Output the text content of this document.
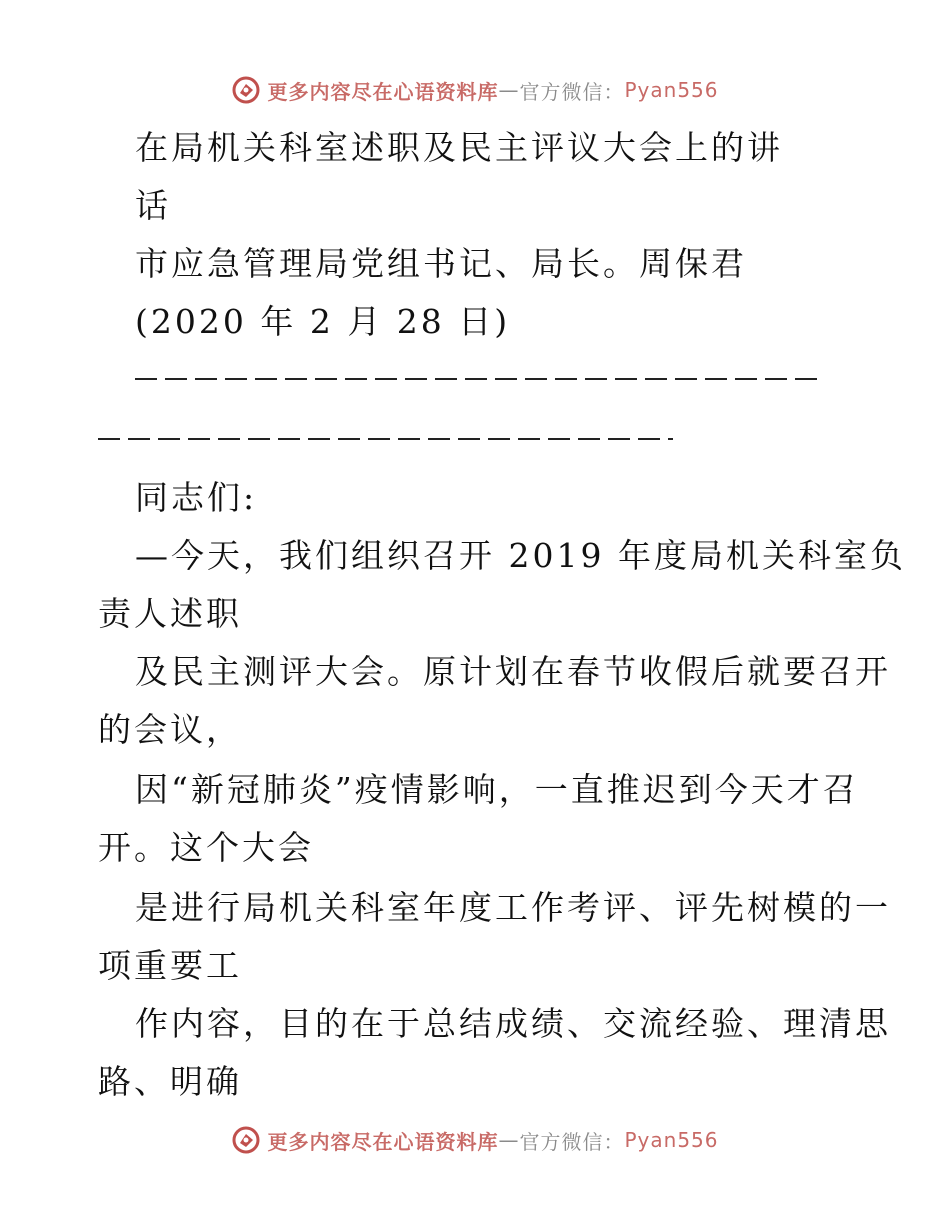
更多内容尽在心语资料库 — 官方微信： Pyan556
在局机关科室述职及民主评议大会上的讲
话
市应急管理局党组书记、局长。周保君
(2020 年 2 月 28 日)
同志们:
—今天，我们组织召开 2019 年度局机关科室负
责人述职
及民主测评大会。原计划在春节收假后就要召开
的会议，
因“新冠肺炎”疫情影响，一直推迟到今天才召
开。这个大会
是进行局机关科室年度工作考评、评先树模的一
项重要工
作内容，目的在于总结成绩、交流经验、理清思
路、明确
更多内容尽在心语资料库 — 官方微信： Pyan556
